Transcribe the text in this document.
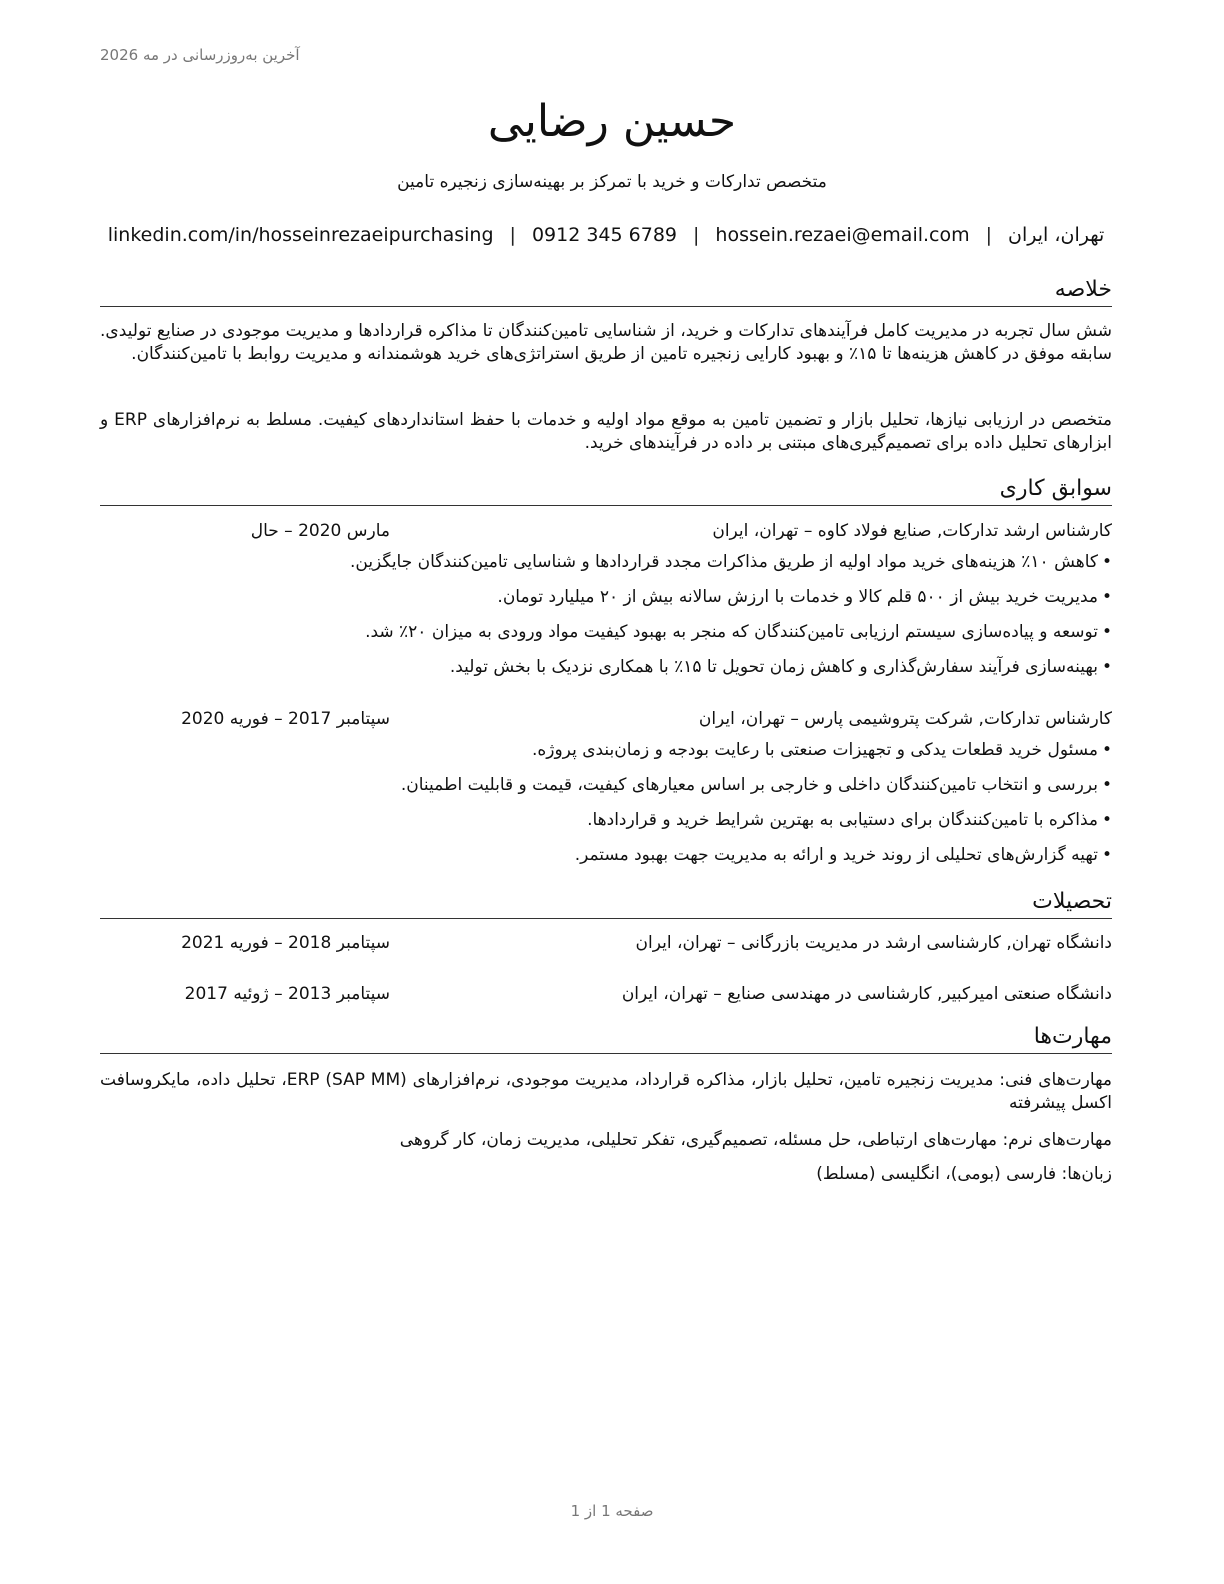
آخرین به‌روزرسانی در مه 2026
حسین رضایی
متخصص تدارکات و خرید با تمرکز بر بهینه‌سازی زنجیره تامین
تهران، ایران
|
hossein.rezaei@email.com
|
0912 345 6789
|
linkedin.com/in/hosseinrezaeipurchasing
خلاصه

شش سال تجربه در مدیریت کامل فرآیندهای تدارکات و خرید، از شناسایی تامین‌کنندگان تا مذاکره قراردادها و مدیریت موجودی در صنایع تولیدی. سابقه موفق در کاهش هزینه‌ها تا ۱۵٪ و بهبود کارایی زنجیره تامین از طریق استراتژی‌های خرید هوشمندانه و مدیریت روابط با تامین‌کنندگان.

متخصص در ارزیابی نیازها، تحلیل بازار و تضمین تامین به موقع مواد اولیه و خدمات با حفظ استانداردهای کیفیت. مسلط به نرم‌افزارهای ERP و ابزارهای تحلیل داده برای تصمیم‌گیری‌های مبتنی بر داده در فرآیندهای خرید.

سوابق کاری
کارشناس ارشد تدارکات, صنایع فولاد کاوه – تهران، ایران
مارس 2020 – حال
•کاهش ۱۰٪ هزینه‌های خرید مواد اولیه از طریق مذاکرات مجدد قراردادها و شناسایی تامین‌کنندگان جایگزین.
•مدیریت خرید بیش از ۵۰۰ قلم کالا و خدمات با ارزش سالانه بیش از ۲۰ میلیارد تومان.
•توسعه و پیاده‌سازی سیستم ارزیابی تامین‌کنندگان که منجر به بهبود کیفیت مواد ورودی به میزان ۲۰٪ شد.
•بهینه‌سازی فرآیند سفارش‌گذاری و کاهش زمان تحویل تا ۱۵٪ با همکاری نزدیک با بخش تولید.
کارشناس تدارکات, شرکت پتروشیمی پارس – تهران، ایران
سپتامبر 2017 – فوریه 2020
•مسئول خرید قطعات یدکی و تجهیزات صنعتی با رعایت بودجه و زمان‌بندی پروژه.
•بررسی و انتخاب تامین‌کنندگان داخلی و خارجی بر اساس معیارهای کیفیت، قیمت و قابلیت اطمینان.
•مذاکره با تامین‌کنندگان برای دستیابی به بهترین شرایط خرید و قراردادها.
•تهیه گزارش‌های تحلیلی از روند خرید و ارائه به مدیریت جهت بهبود مستمر.
تحصیلات
دانشگاه تهران, کارشناسی ارشد در مدیریت بازرگانی – تهران، ایران
سپتامبر 2018 – فوریه 2021
دانشگاه صنعتی امیرکبیر, کارشناسی در مهندسی صنایع – تهران، ایران
سپتامبر 2013 – ژوئیه 2017
مهارت‌ها
مهارت‌های فنی: مدیریت زنجیره تامین، تحلیل بازار، مذاکره قرارداد، مدیریت موجودی، نرم‌افزارهای ERP (SAP MM)، تحلیل داده، مایکروسافت اکسل پیشرفته
مهارت‌های نرم: مهارت‌های ارتباطی، حل مسئله، تصمیم‌گیری، تفکر تحلیلی، مدیریت زمان، کار گروهی
زبان‌ها: فارسی (بومی)، انگلیسی (مسلط)
صفحه 1 از 1
